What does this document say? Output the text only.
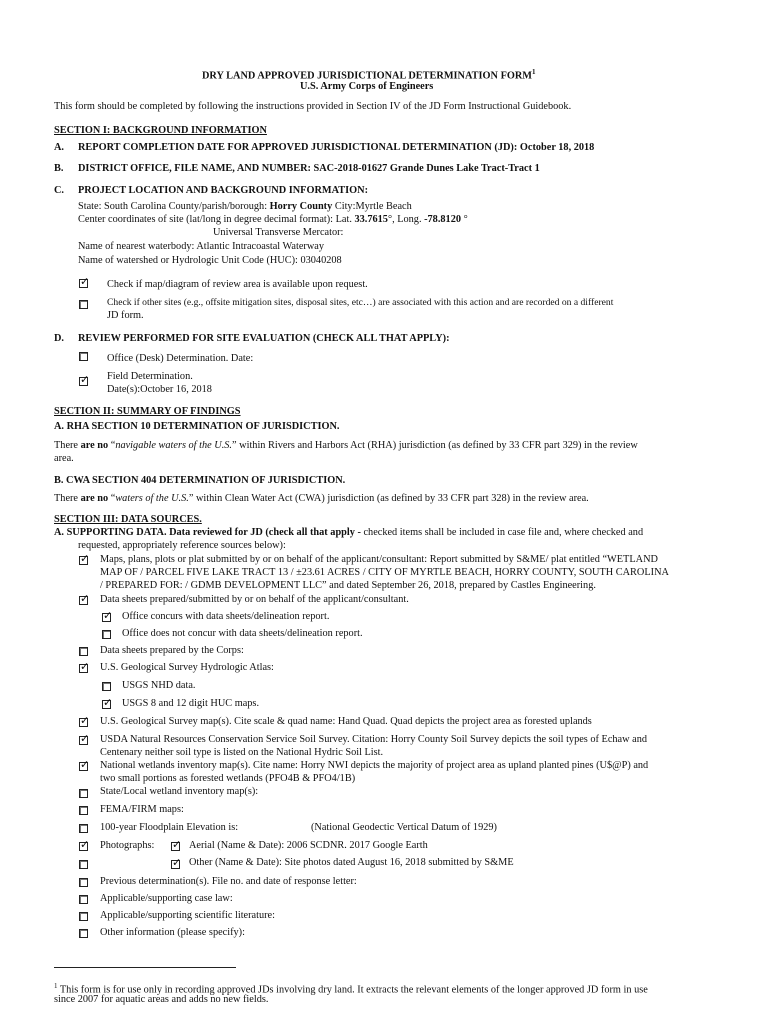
DRY LAND APPROVED JURISDICTIONAL DETERMINATION FORM$^1$
U.S. Army Corps of Engineers
This form should be completed by following the instructions provided in Section IV of the JD Form Instructional Guidebook.
SECTION I: BACKGROUND INFORMATION
A. REPORT COMPLETION DATE FOR APPROVED JURISDICTIONAL DETERMINATION (JD): October 18, 2018
B. DISTRICT OFFICE, FILE NAME, AND NUMBER: SAC-2018-01627 Grande Dunes Lake Tract-Tract 1
C. PROJECT LOCATION AND BACKGROUND INFORMATION:
State: South Carolina County/parish/borough: Horry County City:Myrtle Beach
Center coordinates of site (lat/long in degree decimal format): Lat. 33.7615°, Long. -78.8120 °
Universal Transverse Mercator:
Name of nearest waterbody: Atlantic Intracoastal Waterway
Name of watershed or Hydrologic Unit Code (HUC): 03040208
✓ Check if map/diagram of review area is available upon request.
Check if other sites (e.g., offsite mitigation sites, disposal sites, etc…) are associated with this action and are recorded on a different
JD form.
D. REVIEW PERFORMED FOR SITE EVALUATION (CHECK ALL THAT APPLY):
Office (Desk) Determination. Date:
✓ Field Determination.
Date(s):October 16, 2018
SECTION II: SUMMARY OF FINDINGS
A. RHA SECTION 10 DETERMINATION OF JURISDICTION.
There are no “navigable waters of the U.S.” within Rivers and Harbors Act (RHA) jurisdiction (as defined by 33 CFR part 329) in the review
area.
B. CWA SECTION 404 DETERMINATION OF JURISDICTION.
There are no “waters of the U.S.” within Clean Water Act (CWA) jurisdiction (as defined by 33 CFR part 328) in the review area.
SECTION III: DATA SOURCES.
A. SUPPORTING DATA. Data reviewed for JD (check all that apply - checked items shall be included in case file and, where checked and
requested, appropriately reference sources below):
✓ Maps, plans, plots or plat submitted by or on behalf of the applicant/consultant: Report submitted by S&ME/ plat entitled “WETLAND
MAP OF / PARCEL FIVE LAKE TRACT 13 / ±23.61 ACRES / CITY OF MYRTLE BEACH, HORRY COUNTY, SOUTH CAROLINA
/ PREPARED FOR: / GDMB DEVELOPMENT LLC” and dated September 26, 2018, prepared by Castles Engineering.
✓ Data sheets prepared/submitted by or on behalf of the applicant/consultant.
✓ Office concurs with data sheets/delineation report.
Office does not concur with data sheets/delineation report.
Data sheets prepared by the Corps:
✓ U.S. Geological Survey Hydrologic Atlas:
USGS NHD data.
✓ USGS 8 and 12 digit HUC maps.
✓ U.S. Geological Survey map(s). Cite scale & quad name: Hand Quad. Quad depicts the project area as forested uplands
✓ USDA Natural Resources Conservation Service Soil Survey. Citation: Horry County Soil Survey depicts the soil types of Echaw and
Centenary neither soil type is listed on the National Hydric Soil List.
✓ National wetlands inventory map(s). Cite name: Horry NWI depicts the majority of project area as upland planted pines (U$@P) and
two small portions as forested wetlands (PFO4B & PFO4/1B)
State/Local wetland inventory map(s):
FEMA/FIRM maps:
100-year Floodplain Elevation is:	(National Geodectic Vertical Datum of 1929)
✓ Photographs: ✓ Aerial (Name & Date): 2006 SCDNR. 2017 Google Earth
✓ Other (Name & Date): Site photos dated August 16, 2018 submitted by S&ME
Previous determination(s). File no. and date of response letter:
Applicable/supporting case law:
Applicable/supporting scientific literature:
Other information (please specify):
$^1$ This form is for use only in recording approved JDs involving dry land. It extracts the relevant elements of the longer approved JD form in use
since 2007 for aquatic areas and adds no new fields.
